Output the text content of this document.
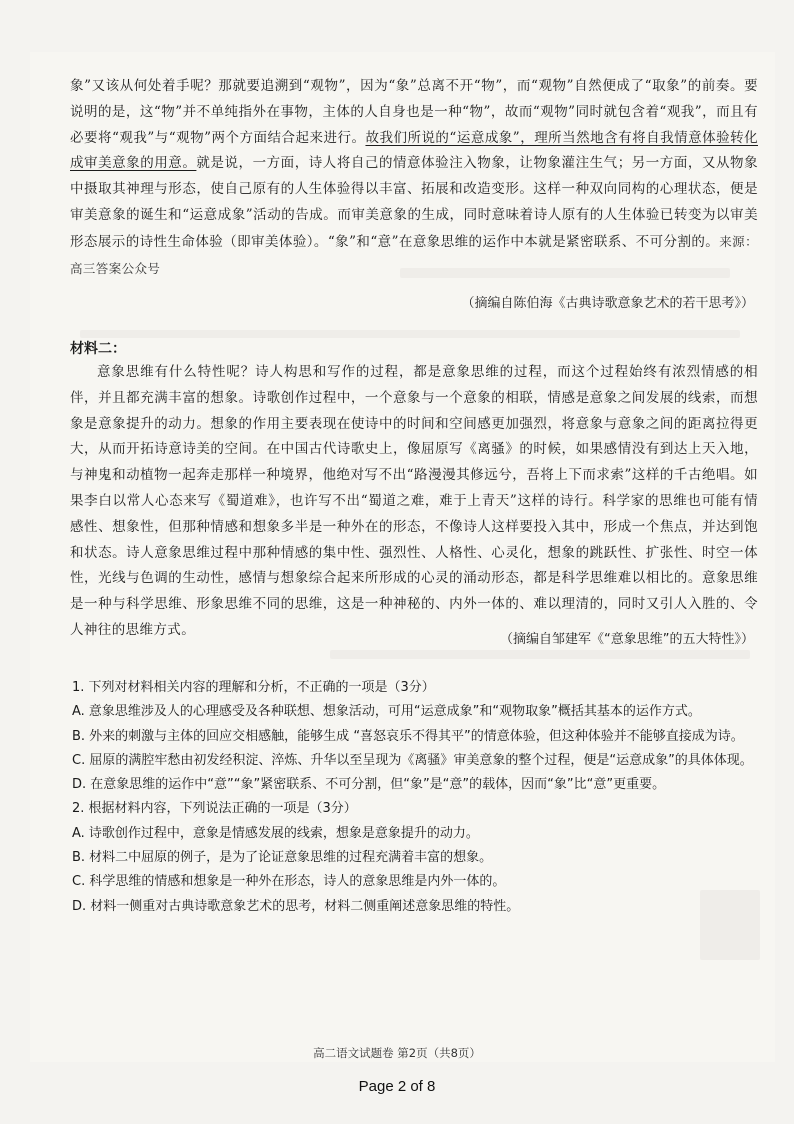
象”又该从何处着手呢？那就要追溯到“观物”，因为“象”总离不开“物”，而“观物”自然便成了“取象”的前奏。要说明的是，这“物”并不单纯指外在事物，主体的人自身也是一种“物”，故而“观物”同时就包含着“观我”，而且有必要将“观我”与“观物”两个方面结合起来进行。故我们所说的“运意成象”，理所当然地含有将自我情意体验转化成审美意象的用意。就是说，一方面，诗人将自己的情意体验注入物象，让物象灌注生气；另一方面，又从物象中摄取其神理与形态，使自己原有的人生体验得以丰富、拓展和改造变形。这样一种双向同构的心理状态，便是审美意象的诞生和“运意成象”活动的告成。而审美意象的生成，同时意味着诗人原有的人生体验已转变为以审美形态展示的诗性生命体验（即审美体验）。“象”和“意”在意象思维的运作中本就是紧密联系、不可分割的。来源：高三答案公众号

（摘编自陈伯海《古典诗歌意象艺术的若干思考》）

材料二：

意象思维有什么特性呢？诗人构思和写作的过程，都是意象思维的过程，而这个过程始终有浓烈情感的相伴，并且都充满丰富的想象。诗歌创作过程中，一个意象与一个意象的相联，情感是意象之间发展的线索，而想象是意象提升的动力。想象的作用主要表现在使诗中的时间和空间感更加强烈，将意象与意象之间的距离拉得更大，从而开拓诗意诗美的空间。在中国古代诗歌史上，像屈原写《离骚》的时候，如果感情没有到达上天入地，与神鬼和动植物一起奔走那样一种境界，他绝对写不出“路漫漫其修远兮，吾将上下而求索”这样的千古绝唱。如果李白以常人心态来写《蜀道难》，也许写不出“蜀道之难，难于上青天”这样的诗行。科学家的思维也可能有情感性、想象性，但那种情感和想象多半是一种外在的形态，不像诗人这样要投入其中，形成一个焦点，并达到饱和状态。诗人意象思维过程中那种情感的集中性、强烈性、人格性、心灵化，想象的跳跃性、扩张性、时空一体性，光线与色调的生动性，感情与想象综合起来所形成的心灵的涌动形态，都是科学思维难以相比的。意象思维是一种与科学思维、形象思维不同的思维，这是一种神秘的、内外一体的、难以理清的，同时又引人入胜的、令人神往的思维方式。

（摘编自邹建军《“意象思维”的五大特性》）

1. 下列对材料相关内容的理解和分析，不正确的一项是（3分）

A. 意象思维涉及人的心理感受及各种联想、想象活动，可用“运意成象”和“观物取象”概括其基本的运作方式。

B. 外来的刺激与主体的回应交相感触，能够生成 “喜怒哀乐不得其平”的情意体验，但这种体验并不能够直接成为诗。

C. 屈原的满腔牢愁由初发经积淀、淬炼、升华以至呈现为《离骚》审美意象的整个过程，便是“运意成象”的具体体现。

D. 在意象思维的运作中“意”“象”紧密联系、不可分割，但“象”是“意”的载体，因而“象”比“意”更重要。

2. 根据材料内容，下列说法正确的一项是（3分）

A. 诗歌创作过程中，意象是情感发展的线索，想象是意象提升的动力。

B. 材料二中屈原的例子，是为了论证意象思维的过程充满着丰富的想象。

C. 科学思维的情感和想象是一种外在形态，诗人的意象思维是内外一体的。

D. 材料一侧重对古典诗歌意象艺术的思考，材料二侧重阐述意象思维的特性。

高二语文试题卷 第2页（共8页）
Page 2 of 8
